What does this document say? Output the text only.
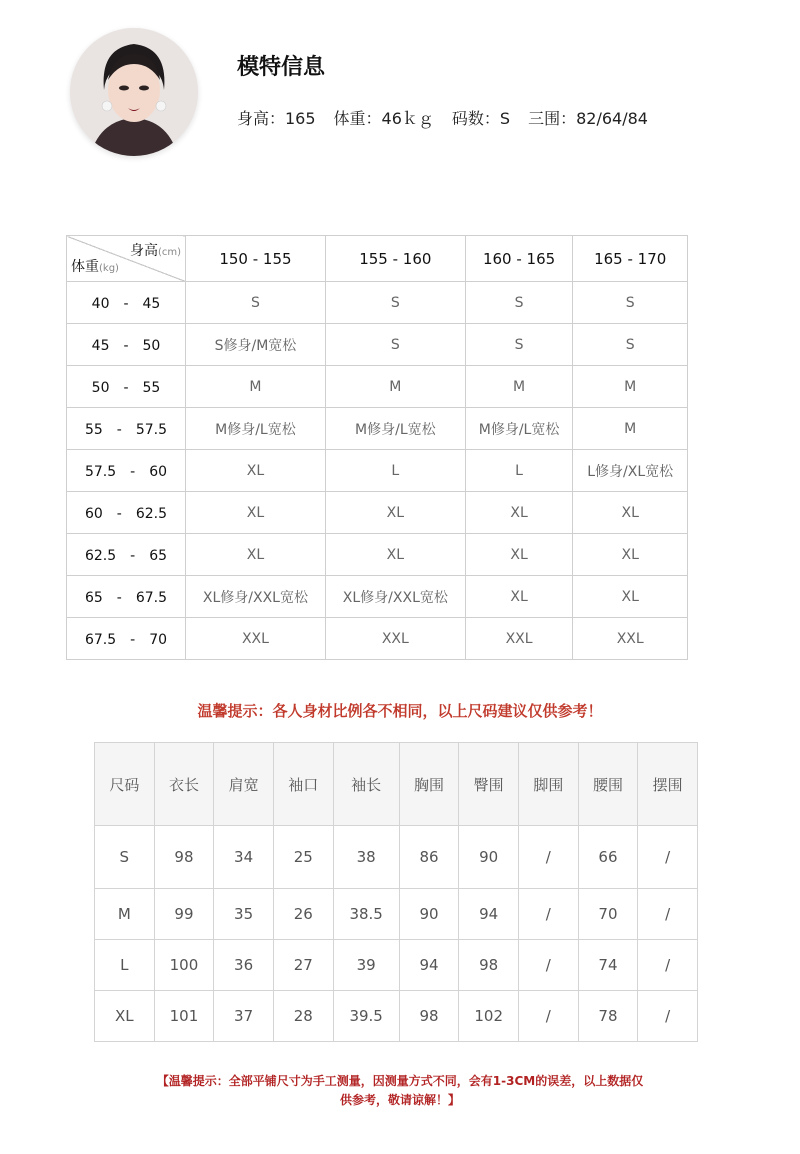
模特信息
身高：165 体重：46ｋｇ 码数：S 三围：82/64/84
身高(cm)
体重(kg)	150 - 155	155 - 160	160 - 165	165 - 170
40　-　45	S	S	S	S
45　-　50	S修身/M宽松	S	S	S
50　-　55	M	M	M	M
55　-　57.5	M修身/L宽松	M修身/L宽松	M修身/L宽松	M
57.5　-　60	XL	L	L	L修身/XL宽松
60　-　62.5	XL	XL	XL	XL
62.5　-　65	XL	XL	XL	XL
65　-　67.5	XL修身/XXL宽松	XL修身/XXL宽松	XL	XL
67.5　-　70	XXL	XXL	XXL	XXL
温馨提示：各人身材比例各不相同，以上尺码建议仅供参考！
尺码	衣长	肩宽	袖口	袖长	胸围	臀围	脚围	腰围	摆围
S	98	34	25	38	86	90	/	66	/
M	99	35	26	38.5	90	94	/	70	/
L	100	36	27	39	94	98	/	74	/
XL	101	37	28	39.5	98	102	/	78	/
【温馨提示：全部平铺尺寸为手工测量，因测量方式不同，会有1-3CM的误差，以上数据仅
供参考，敬请谅解！】
